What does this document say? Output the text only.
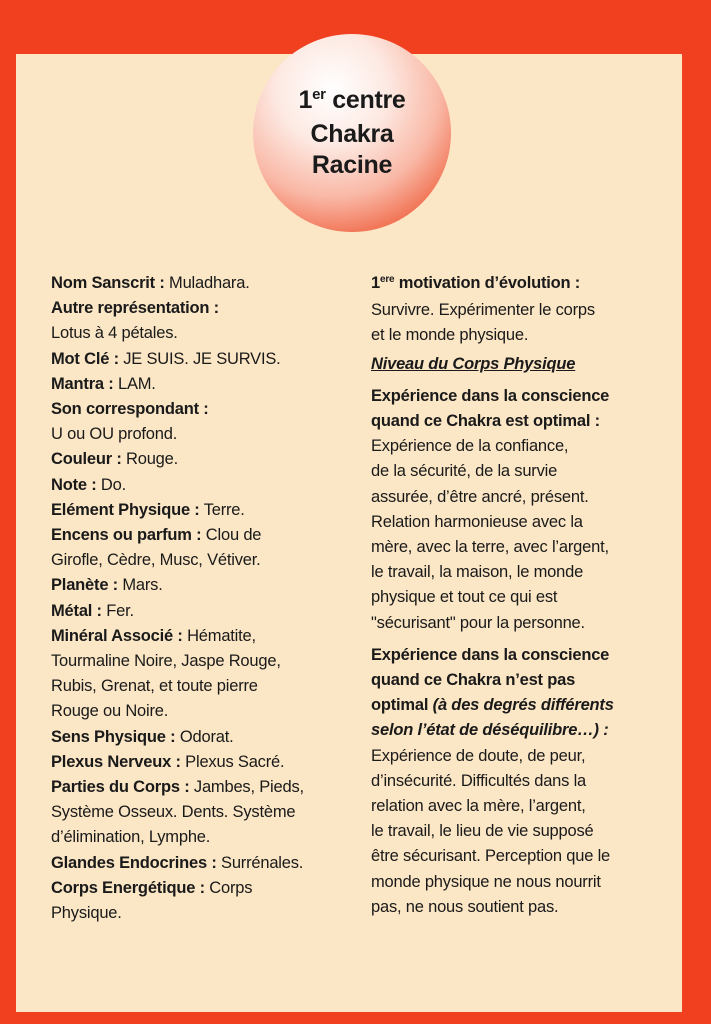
1er centre
Chakra
Racine
Nom Sanscrit : Muladhara.
Autre représentation :
Lotus à 4 pétales.
Mot Clé : JE SUIS. JE SURVIS.
Mantra : LAM.
Son correspondant :
U ou OU profond.
Couleur : Rouge.
Note : Do.
Elément Physique : Terre.
Encens ou parfum : Clou de
Girofle, Cèdre, Musc, Vétiver.
Planète : Mars.
Métal : Fer.
Minéral Associé : Hématite,
Tourmaline Noire, Jaspe Rouge,
Rubis, Grenat, et toute pierre
Rouge ou Noire.
Sens Physique : Odorat.
Plexus Nerveux : Plexus Sacré.
Parties du Corps : Jambes, Pieds,
Système Osseux. Dents. Système
d’élimination, Lymphe.
Glandes Endocrines : Surrénales.
Corps Energétique : Corps
Physique.
1ere motivation d’évolution :
Survivre. Expérimenter le corps
et le monde physique.
Niveau du Corps Physique
Expérience dans la conscience
quand ce Chakra est optimal :
Expérience de la confiance,
de la sécurité, de la survie
assurée, d’être ancré, présent.
Relation harmonieuse avec la
mère, avec la terre, avec l’argent,
le travail, la maison, le monde
physique et tout ce qui est
"sécurisant" pour la personne.
Expérience dans la conscience
quand ce Chakra n’est pas
optimal (à des degrés différents
selon l’état de déséquilibre…) :
Expérience de doute, de peur,
d’insécurité. Difficultés dans la
relation avec la mère, l’argent,
le travail, le lieu de vie supposé
être sécurisant. Perception que le
monde physique ne nous nourrit
pas, ne nous soutient pas.
